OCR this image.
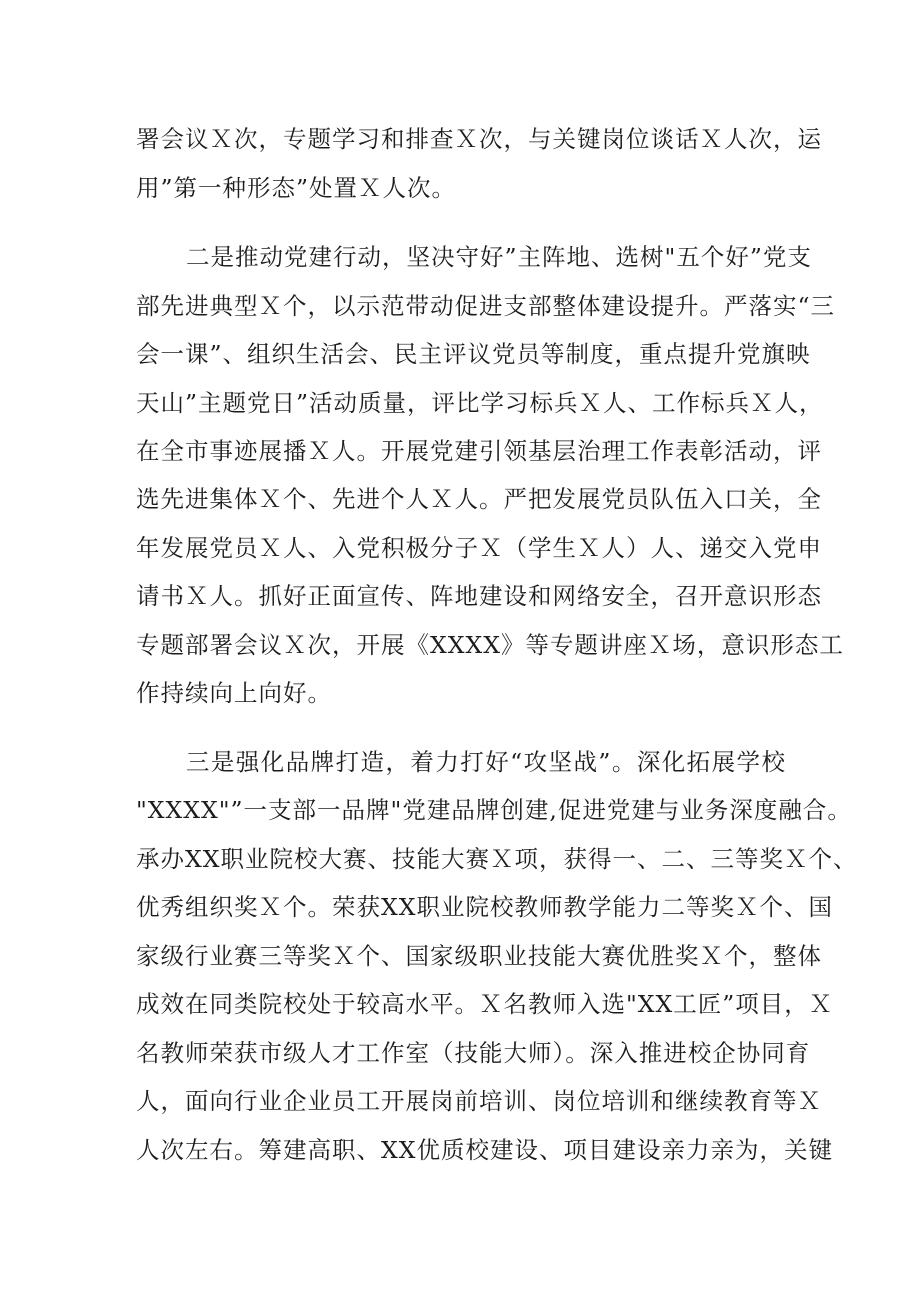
署会议Ｘ次，专题学习和排查Ｘ次，与关键岗位谈话Ｘ人次，运
用”第一种形态”处置Ｘ人次。
二是推动党建行动，坚决守好”主阵地、选树"五个好”党支
部先进典型Ｘ个，以示范带动促进支部整体建设提升。严落实“三
会一课”、组织生活会、民主评议党员等制度，重点提升党旗映
天山”主题党日”活动质量，评比学习标兵Ｘ人、工作标兵Ｘ人，
在全市事迹展播Ｘ人。开展党建引领基层治理工作表彰活动，评
选先进集体Ｘ个、先进个人Ｘ人。严把发展党员队伍入口关，全
年发展党员Ｘ人、入党积极分子Ｘ（学生Ｘ人）人、递交入党申
请书Ｘ人。抓好正面宣传、阵地建设和网络安全，召开意识形态
专题部署会议Ｘ次，开展《XXXX》等专题讲座Ｘ场，意识形态工
作持续向上向好。
三是强化品牌打造，着力打好“攻坚战”。深化拓展学校
"XXXX"”一支部一品牌"党建品牌创建,促进党建与业务深度融合。
承办XX职业院校大赛、技能大赛Ｘ项，获得一、二、三等奖Ｘ个、
优秀组织奖Ｘ个。荣获XX职业院校教师教学能力二等奖Ｘ个、国
家级行业赛三等奖Ｘ个、国家级职业技能大赛优胜奖Ｘ个，整体
成效在同类院校处于较高水平。Ｘ名教师入选"XX工匠”项目，Ｘ
名教师荣获市级人才工作室（技能大师）。深入推进校企协同育
人，面向行业企业员工开展岗前培训、岗位培训和继续教育等Ｘ
人次左右。筹建高职、XX优质校建设、项目建设亲力亲为，关键
